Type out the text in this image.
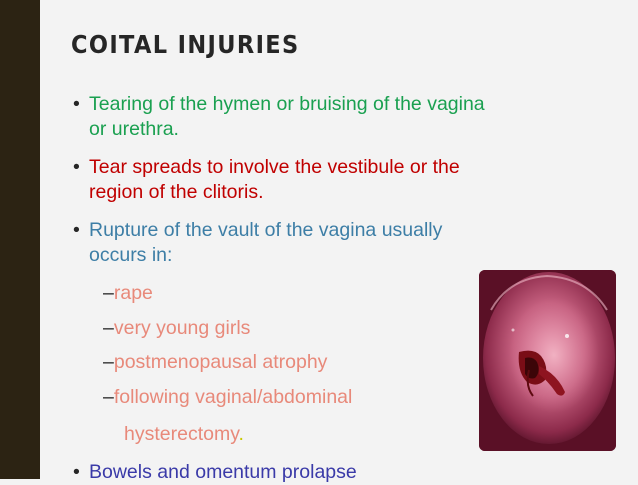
COITAL INJURIES
• Tearing of the hymen or bruising of the vagina
or urethra.
• Tear spreads to involve the vestibule or the
region of the clitoris.
• Rupture of the vault of the vagina usually
occurs in:
–rape
–very young girls
–postmenopausal atrophy
–following vaginal/abdominal
hysterectomy.
• Bowels and omentum prolapse
